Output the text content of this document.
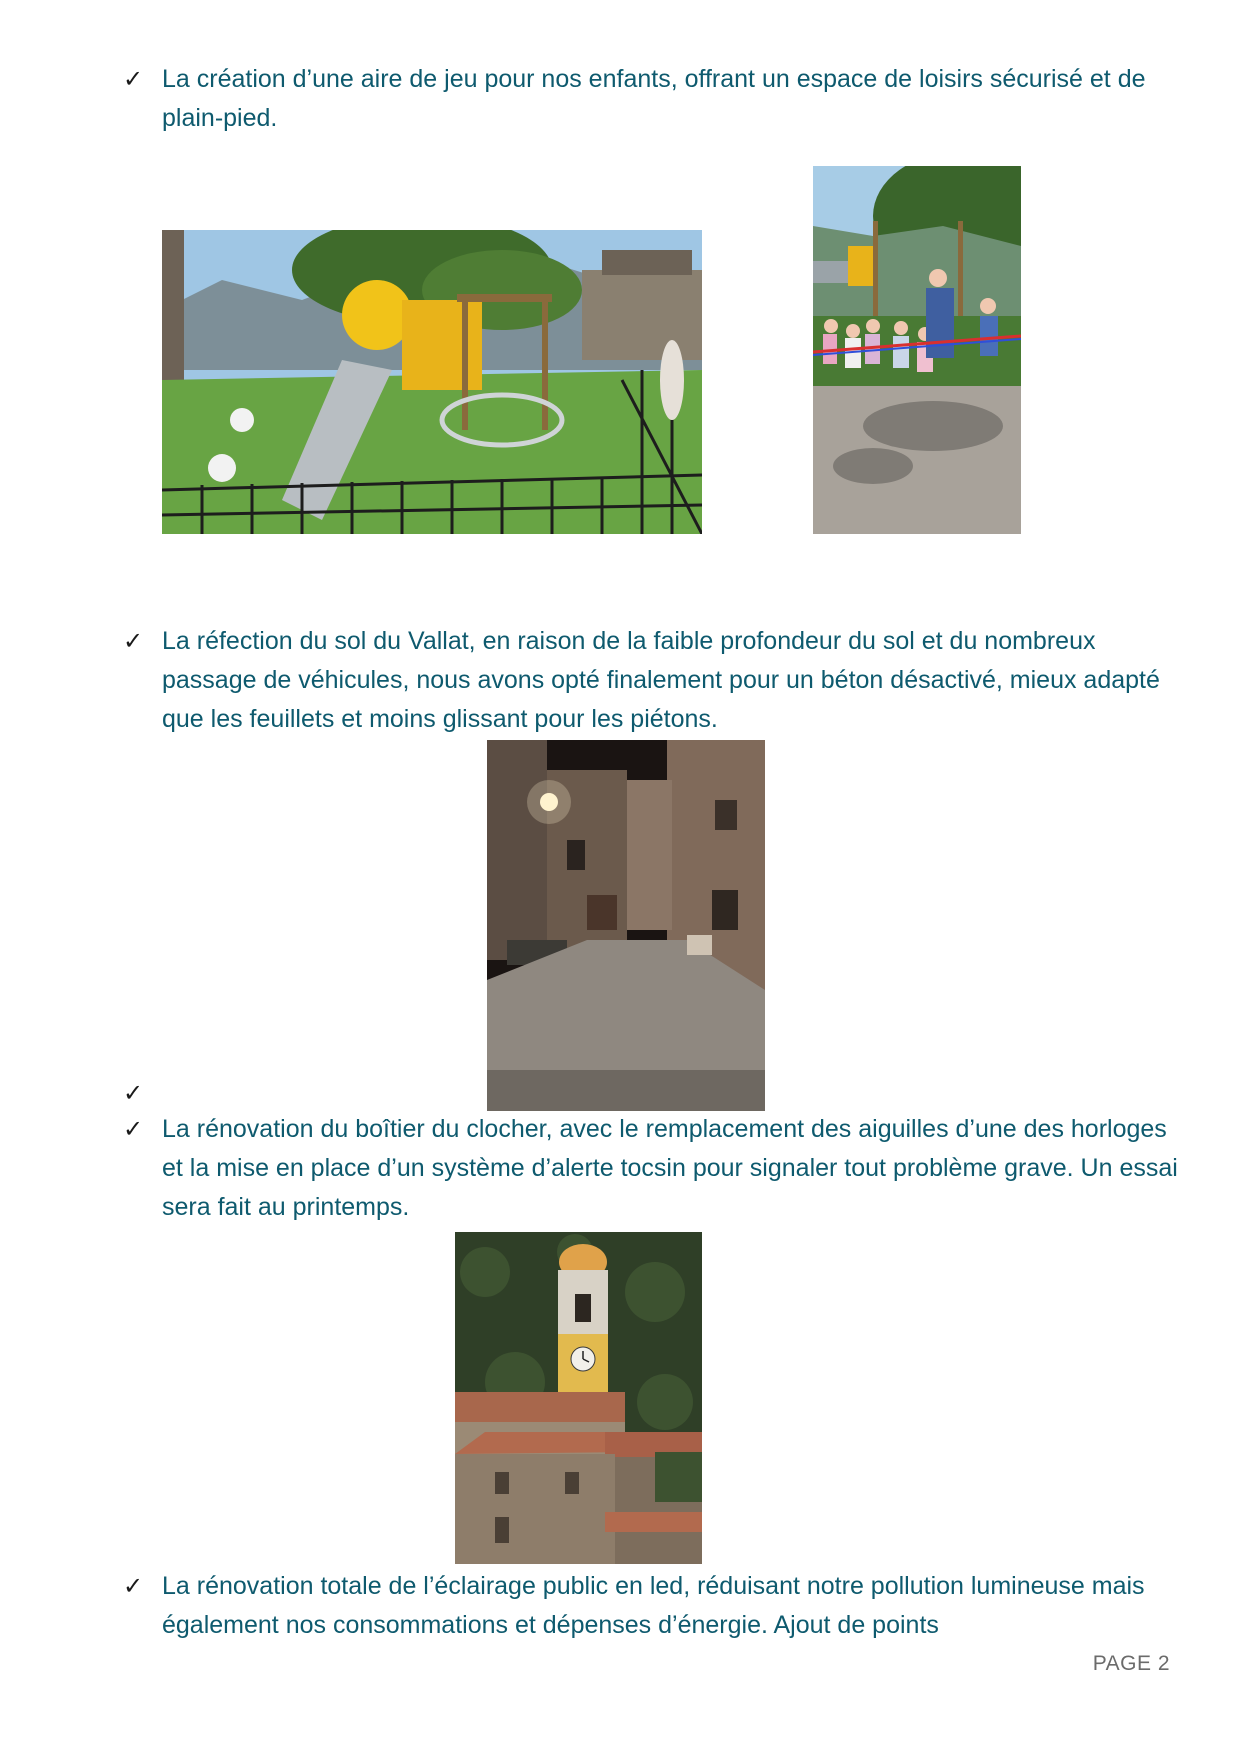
✓ La création d’une aire de jeu pour nos enfants, offrant un espace de loisirs sécurisé et de plain-pied.
✓ La réfection du sol du Vallat, en raison de la faible profondeur du sol et du nombreux passage de véhicules, nous avons opté finalement pour un béton désactivé, mieux adapté que les feuillets et moins glissant pour les piétons.
✓
✓ La rénovation du boîtier du clocher, avec le remplacement des aiguilles d’une des horloges et la mise en place d’un système d’alerte tocsin pour signaler tout problème grave. Un essai sera fait au printemps.
✓ La rénovation totale de l’éclairage public en led, réduisant notre pollution lumineuse mais également nos consommations et dépenses d’énergie. Ajout de points
PAGE 2
